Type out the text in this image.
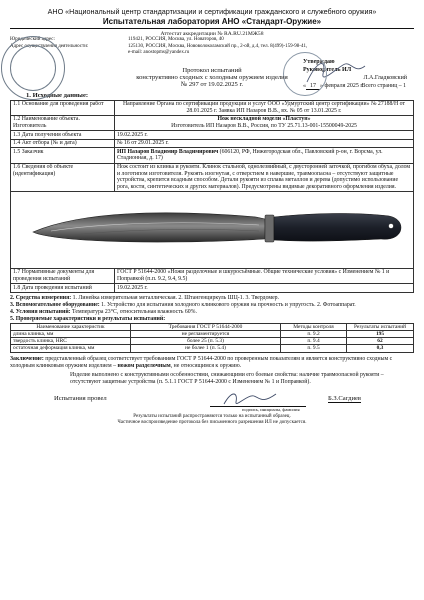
АНО «Национальный центр стандартизации и сертификации гражданского и служебного оружия»
Испытательная лаборатория АНО «Стандарт-Оружие»
Аттестат аккредитации № RA.RU.21МЖ58
Юридический адрес:	119421, РОССИЯ, Москва, ул. Новаторов, 40
Адрес осуществления деятельности:	125130, РОССИЯ, Москва, Нововолоколамский пр., 2-ой, д.4, тел. 8(499)-159-98-41,
e-mail: anostopms@yandex.ru
Утверждаю
Руководитель ИЛ
Л.А.Гладковский
« 17 » февраля 2025 г.
Протокол испытаний
конструктивно сходных с холодным оружием изделия
№ 297 от 19.02.2025 г.	Всего страниц – 1
1. Исходные данные:
1.1 Основание для проведения работ	Направление Органа по сертификации продукции и услуг ООО «Удмуртский центр сертификации» № 27188/Н от 28.01.2025 г. Заявка ИП Назаров В.В., вх. № 05 от 13.01.2025 г.
1.2 Наименование объекта. Изготовитель	Нож нескладной модели «Пластун»
Изготовитель ИП Назаров В.В., Россия, по ТУ 25.71.13-001-15500049-2025

1.3 Дата получения объекта	19.02.2025 г.
1.4 Акт отбора (№ и дата)	№ 16 от 29.01.2025 г.
1.5 Заказчик	ИП Назаров Владимир Владимирович (606120, РФ, Нижегородская обл., Павловский р-он, г. Ворсма, ул. Стадионная, д. 17)
1.6 Сведения об объекте (идентификация)	Нож состоит из клинка и рукояти. Клинок стальной, однолезвийный, с двусторонней заточкой, прогибом обуха, долом и логотипом изготовителя. Рукоять изогнутая, с отверстием в навершие, травмоопасна – отсутствуют защитные устройства, крепится всадным способом. Детали рукояти из сплава металлов и дерева (допустимо использование рога, кости, синтетических и других материалов). Предусмотрены видимые декоративного оформления изделия.
1.7 Нормативные документы для проведения испытаний	ГОСТ Р 51644-2000 «Ножи разделочные и шкуросъёмные. Общие технические условия» с Изменением № 1 и Поправкой (п.п. 9.2, 9.4, 9.5)
1.8 Дата проведения испытаний	19.02.2025 г.
2. Средства измерения: 1. Линейка измерительная металлическая. 2. Штангенциркуль ШЦ-1. 3. Твердомер.
3. Вспомогательное оборудование: 1. Устройство для испытания холодного клинкового оружия на прочность и упругость. 2. Фотоаппарат.
4. Условия испытаний: Температура 23°C, относительная влажность 60%.
5. Проверяемые характеристики и результаты испытаний:
Наименование характеристик	Требования ГОСТ Р 51644-2000	Методы контроля	Результаты испытаний
длина клинка, мм	не регламентируется	п. 9.2	195
твердость клинка, HRC	более 25 (п. 5.3)	п. 9.4	62
остаточная деформация клинка, мм	не более 1 (п. 5.4)	п. 9.5	0,3
Заключение: представленный образец соответствует требованиям ГОСТ Р 51644-2000 по проверенным показателям и является конструктивно сходным с холодным клинковым оружием изделием – ножом разделочным, не относящимся к оружию.
Изделие выполнено с конструктивными особенностями, снижающими его боевые свойства: наличие травмоопасной рукояти – отсутствуют защитные устройства (п. 5.1.1 ГОСТ Р 51644-2000 с Изменением № 1 и Поправкой).
Испытания провел	Б.З.Сагдиев
подпись, инициалы, фамилия
Результаты испытаний распространяются только на испытанный образец.
Частичное воспроизведение протокола без письменного разрешения ИЛ не допускается.
